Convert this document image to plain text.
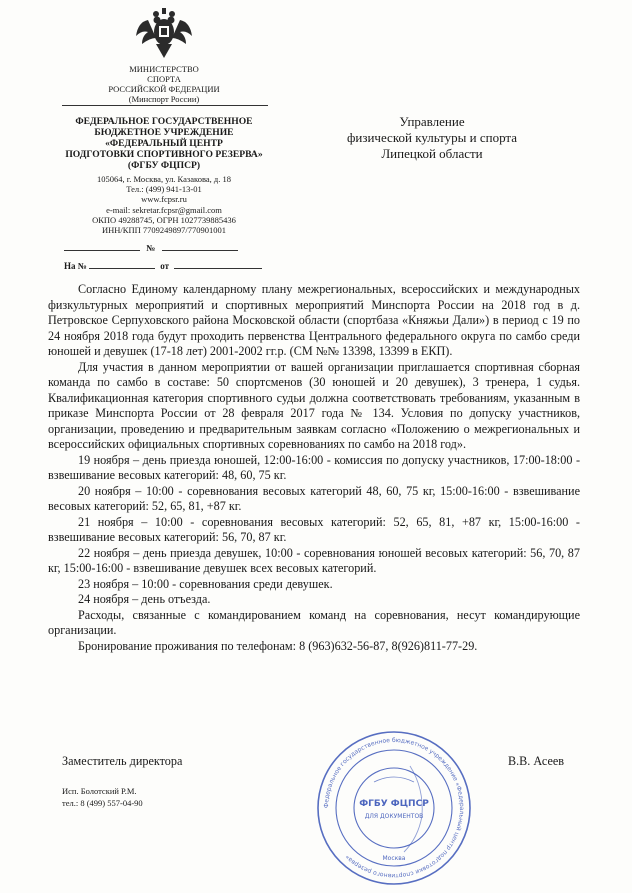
МИНИСТЕРСТВО
СПОРТА
РОССИЙСКОЙ ФЕДЕРАЦИИ
(Минспорт России)
ФЕДЕРАЛЬНОЕ ГОСУДАРСТВЕННОЕ
БЮДЖЕТНОЕ УЧРЕЖДЕНИЕ
«ФЕДЕРАЛЬНЫЙ ЦЕНТР
ПОДГОТОВКИ СПОРТИВНОГО РЕЗЕРВА»
(ФГБУ ФЦПСР)
105064, г. Москва, ул. Казакова, д. 18
Тел.: (499) 941-13-01
www.fcpsr.ru
e-mail: sekretar.fcpsr@gmail.com
ОКПО 49288745, ОГРН 1027739885436
ИНН/КПП 7709249897/770901001
№
На №	от
Управление
физической культуры и спорта
Липецкой области

Согласно Единому календарному плану межрегиональных, всероссийских и международных физкультурных мероприятий и спортивных мероприятий Минспорта России на 2018 год в д. Петровское Серпуховского района Московской области (спортбаза «Княжьи Дали») в период с 19 по 24 ноября 2018 года будут проходить первенства Центрального федерального округа по самбо среди юношей и девушек (17-18 лет) 2001-2002 гг.р. (СМ №№ 13398, 13399 в ЕКП).

Для участия в данном мероприятии от вашей организации приглашается спортивная сборная команда по самбо в составе: 50 спортсменов (30 юношей и 20 девушек), 3 тренера, 1 судья. Квалификационная категория спортивного судьи должна соответствовать требованиям, указанным в приказе Минспорта России от 28 февраля 2017 года № 134. Условия по допуску участников, организации, проведению и предварительным заявкам согласно «Положению о межрегиональных и всероссийских официальных спортивных соревнованиях по самбо на 2018 год».

19 ноября – день приезда юношей, 12:00-16:00 - комиссия по допуску участников, 17:00-18:00 - взвешивание весовых категорий: 48, 60, 75 кг.

20 ноября – 10:00 - соревнования весовых категорий 48, 60, 75 кг, 15:00-16:00 - взвешивание весовых категорий: 52, 65, 81, +87 кг.

21 ноября – 10:00 - соревнования весовых категорий: 52, 65, 81, +87 кг, 15:00-16:00 - взвешивание весовых категорий: 56, 70, 87 кг.

22 ноября – день приезда девушек, 10:00 - соревнования юношей весовых категорий: 56, 70, 87 кг, 15:00-16:00 - взвешивание девушек всех весовых категорий.

23 ноября – 10:00 - соревнования среди девушек.

24 ноября – день отъезда.

Расходы, связанные с командированием команд на соревнования, несут командирующие организации.

Бронирование проживания по телефонам: 8 (963)632-56-87, 8(926)811-77-29.

Заместитель директора	В.В. Асеев
Федеральное государственное бюджетное учреждение «Федеральный центр подготовки спортивного резерва»
ФГБУ ФЦПСР
ДЛЯ ДОКУМЕНТОВ
Москва
Исп. Болотский Р.М.
тел.: 8 (499) 557-04-90
